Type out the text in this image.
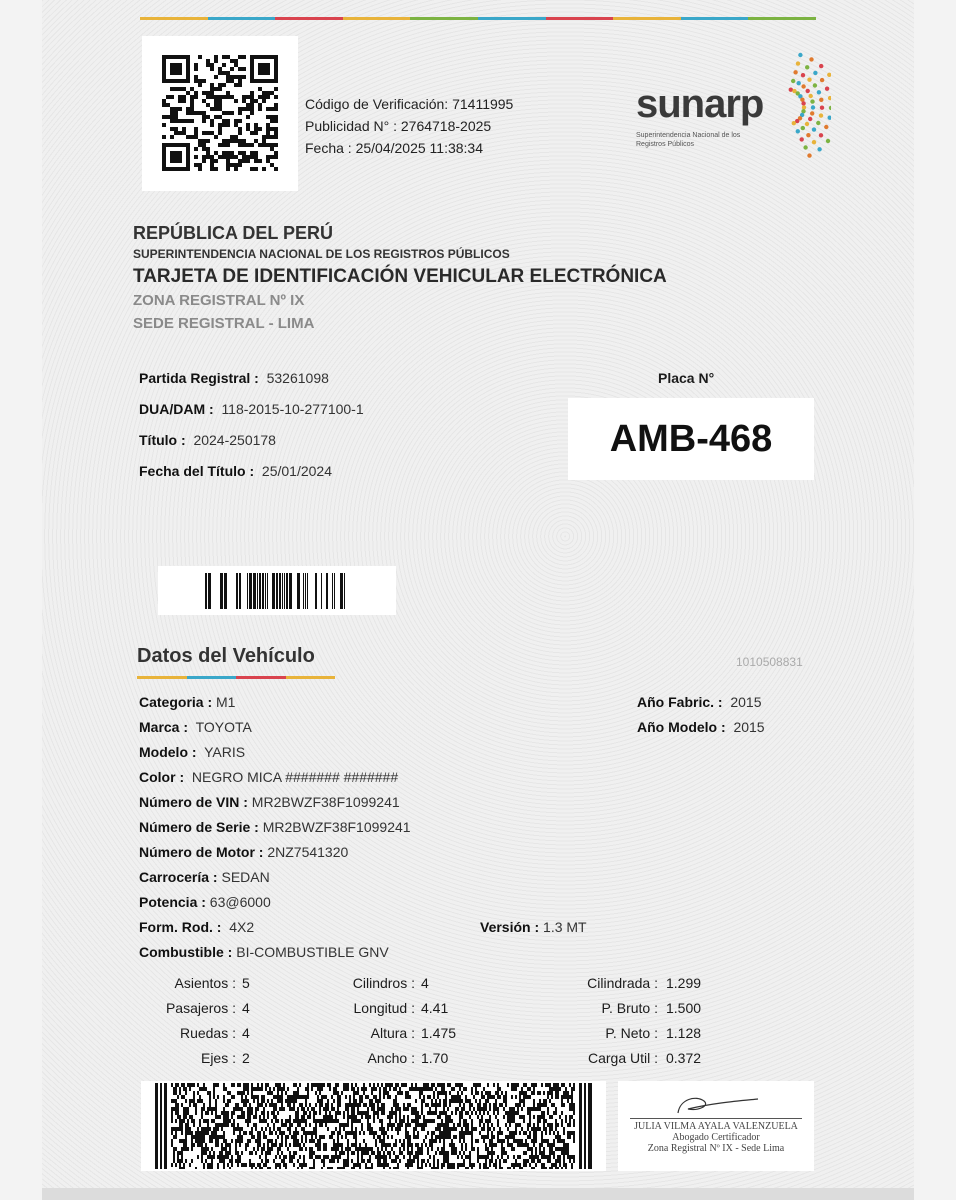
Código de Verificación: 71411995
Publicidad N° : 2764718-2025
Fecha : 25/04/2025 11:38:34
sunarp
Superintendencia Nacional de los Registros Públicos
REPÚBLICA DEL PERÚ
SUPERINTENDENCIA NACIONAL DE LOS REGISTROS PÚBLICOS
TARJETA DE IDENTIFICACIÓN VEHICULAR ELECTRÓNICA
ZONA REGISTRAL Nº IX
SEDE REGISTRAL - LIMA
Partida Registral : 53261098
DUA/DAM : 118-2015-10-277100-1
Título : 2024-250178
Fecha del Título : 25/01/2024
Placa N°
AMB-468
Datos del Vehículo	1010508831
Categoria : M1
Marca : TOYOTA
Modelo : YARIS
Color : NEGRO MICA ####### #######
Número de VIN : MR2BWZF38F1099241
Número de Serie : MR2BWZF38F1099241
Número de Motor : 2NZ7541320
Carrocería : SEDAN
Potencia : 63@6000
Form. Rod. : 4X2	Versión : 1.3 MT
Combustible : BI-COMBUSTIBLE GNV
Año Fabric. : 2015
Año Modelo : 2015
Asientos : 5
Pasajeros : 4
Ruedas : 4
Ejes : 2
Cilindros : 4
Longitud : 4.41
Altura : 1.475
Ancho : 1.70
Cilindrada : 1.299
P. Bruto : 1.500
P. Neto : 1.128
Carga Util : 0.372
JULIA VILMA AYALA VALENZUELA
Abogado Certificador
Zona Registral Nº IX - Sede Lima
